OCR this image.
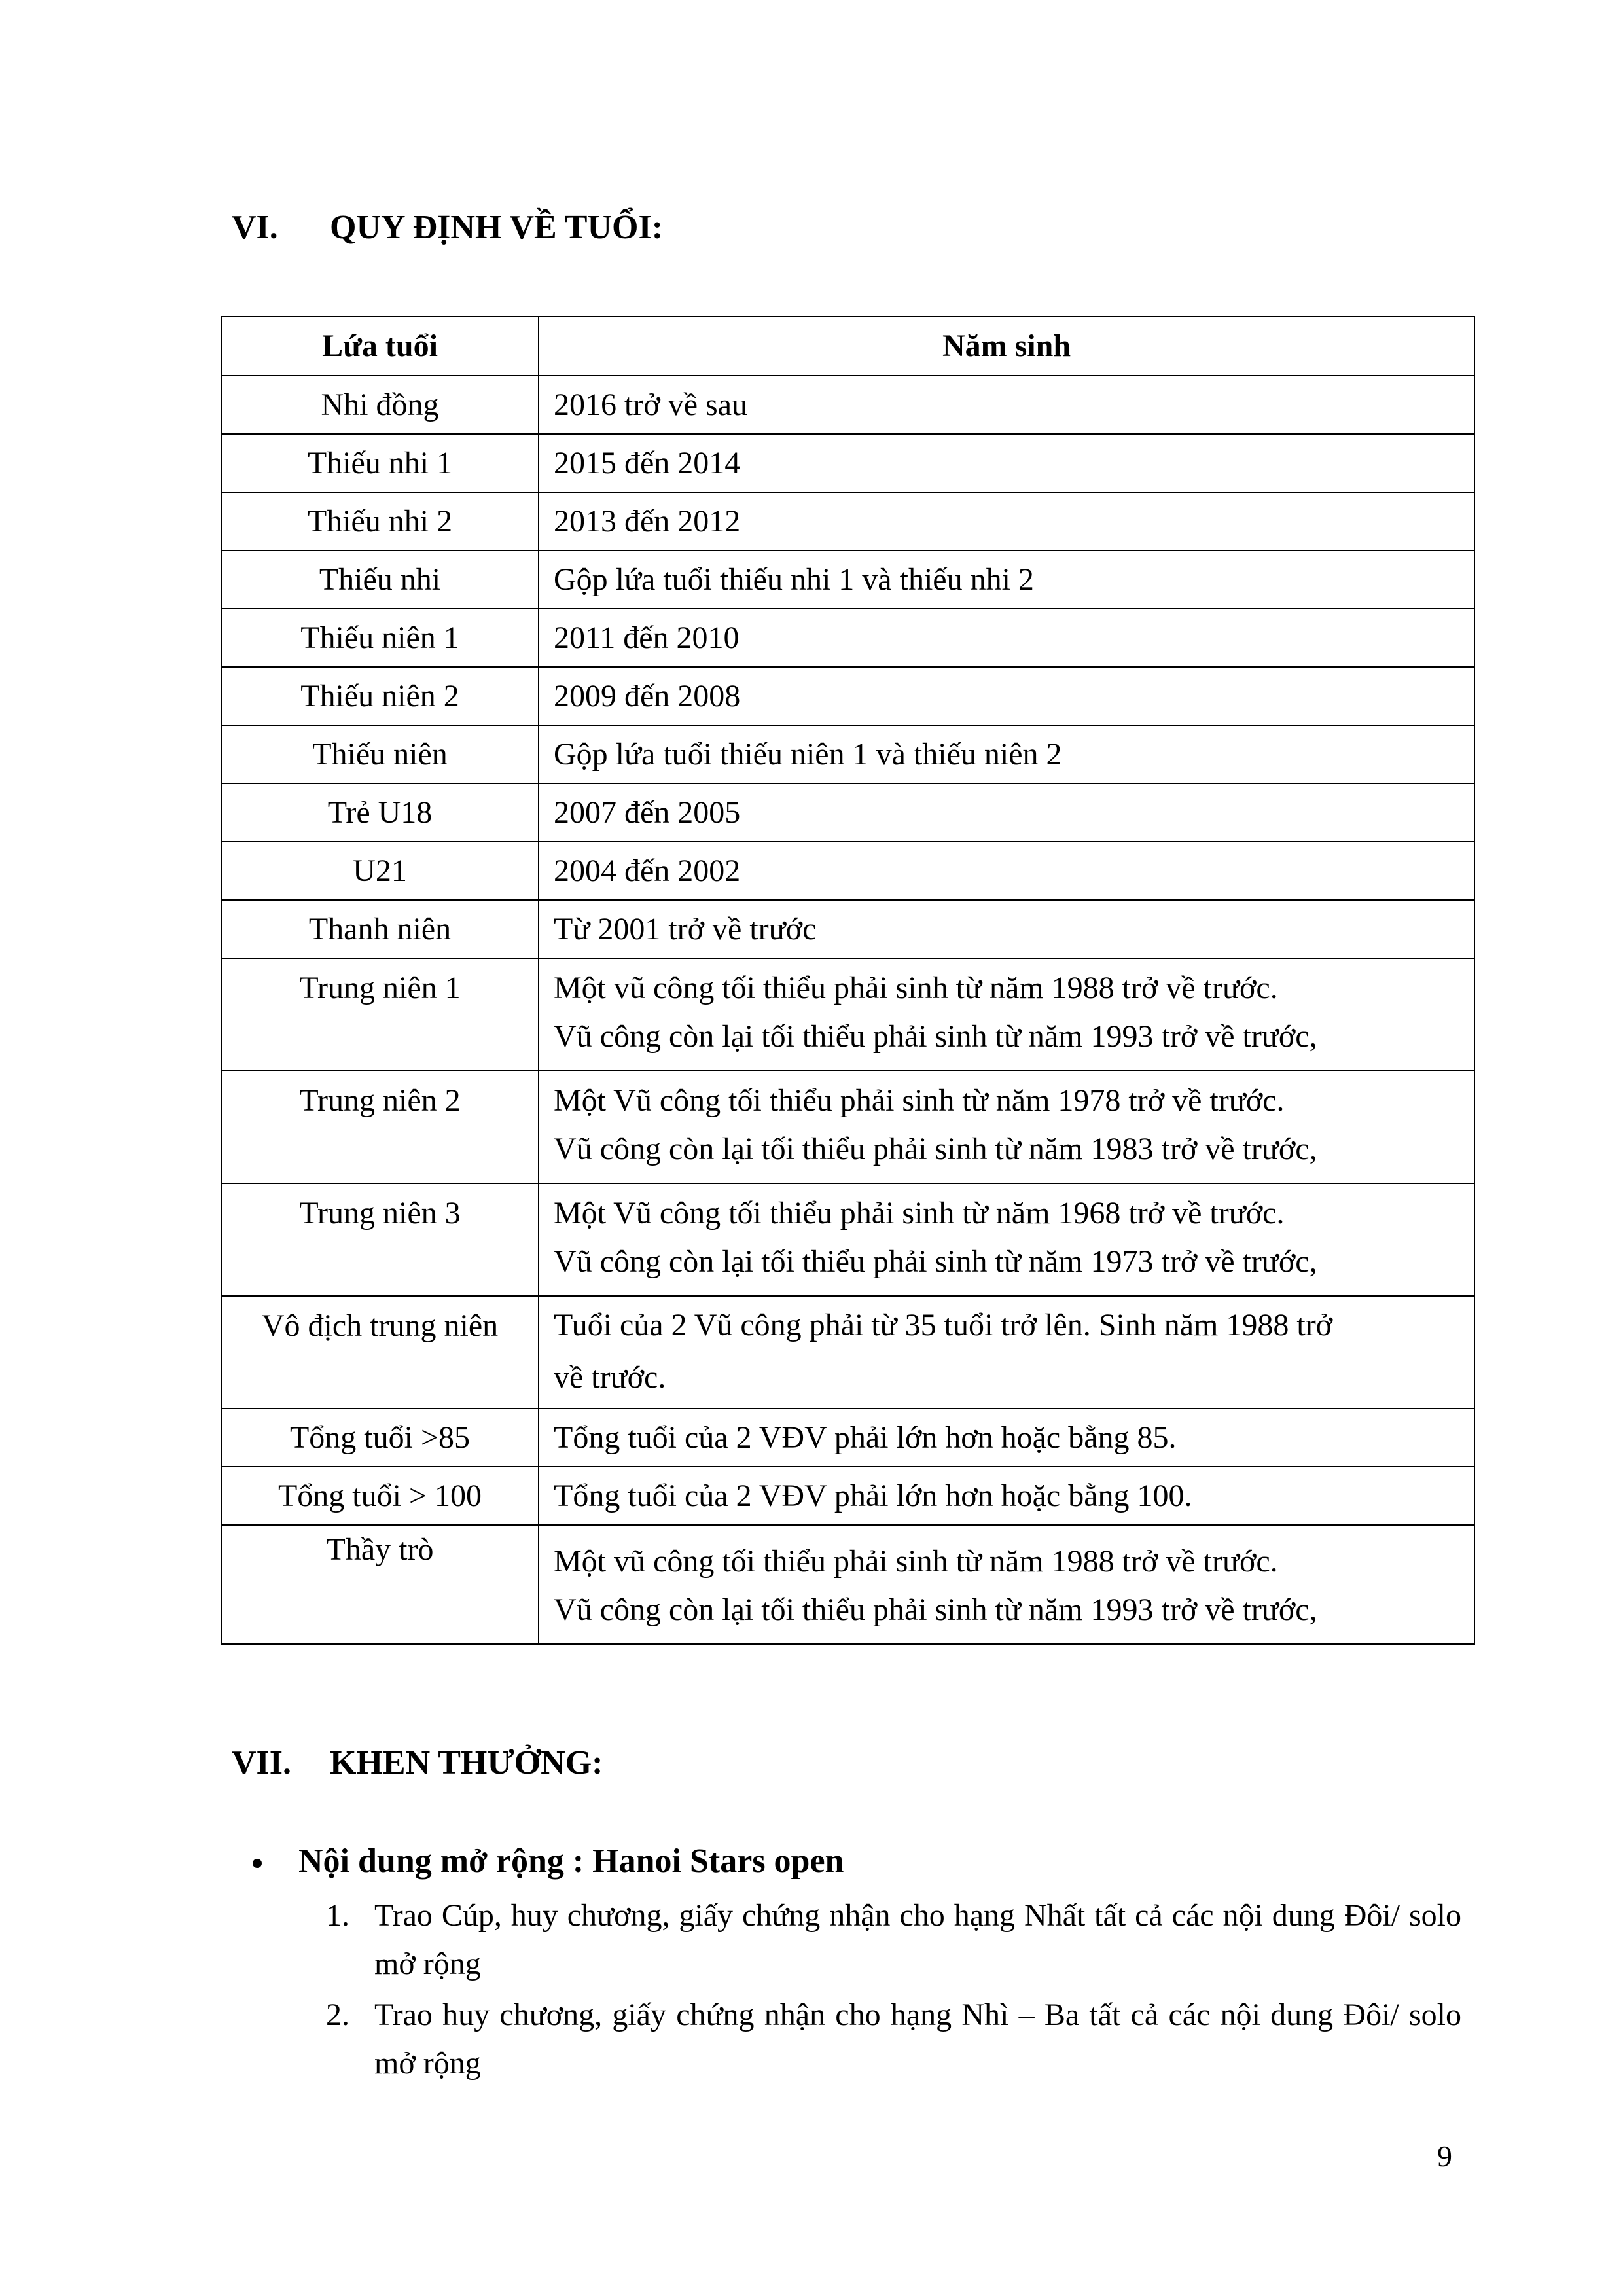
VI. QUY ĐỊNH VỀ TUỔI:
Lứa tuổi	Năm sinh
Nhi đồng	2016 trở về sau

Thiếu nhi 1	2015 đến 2014

Thiếu nhi 2	2013 đến 2012

Thiếu nhi	Gộp lứa tuổi thiếu nhi 1 và thiếu nhi 2

Thiếu niên 1	2011 đến 2010

Thiếu niên 2	2009 đến 2008

Thiếu niên	Gộp lứa tuổi thiếu niên 1 và thiếu niên 2

Trẻ U18	2007 đến 2005

U21	2004 đến 2002

Thanh niên	Từ 2001 trở về trước

Trung niên 1	Một vũ công tối thiểu phải sinh từ năm 1988 trở về trước.
Vũ công còn lại tối thiểu phải sinh từ năm 1993 trở về trước,

Trung niên 2	Một Vũ công tối thiểu phải sinh từ năm 1978 trở về trước.
Vũ công còn lại tối thiểu phải sinh từ năm 1983 trở về trước,

Trung niên 3	Một Vũ công tối thiểu phải sinh từ năm 1968 trở về trước.
Vũ công còn lại tối thiểu phải sinh từ năm 1973 trở về trước,

Vô địch trung niên	Tuổi của 2 Vũ công phải từ 35 tuổi trở lên. Sinh năm 1988 trở
về trước.

Tổng tuổi >85	Tổng tuổi của 2 VĐV phải lớn hơn hoặc bằng 85.

Tổng tuổi > 100	Tổng tuổi của 2 VĐV phải lớn hơn hoặc bằng 100.

Thầy trò	Một vũ công tối thiểu phải sinh từ năm 1988 trở về trước.
Vũ công còn lại tối thiểu phải sinh từ năm 1993 trở về trước,
VII. KHEN THƯỞNG:
Nội dung mở rộng : Hanoi Stars open
1. Trao Cúp, huy chương, giấy chứng nhận cho hạng Nhất tất cả các nội dung Đôi/ solo mở rộng
2. Trao huy chương, giấy chứng nhận cho hạng Nhì – Ba tất cả các nội dung Đôi/ solo mở rộng
9
